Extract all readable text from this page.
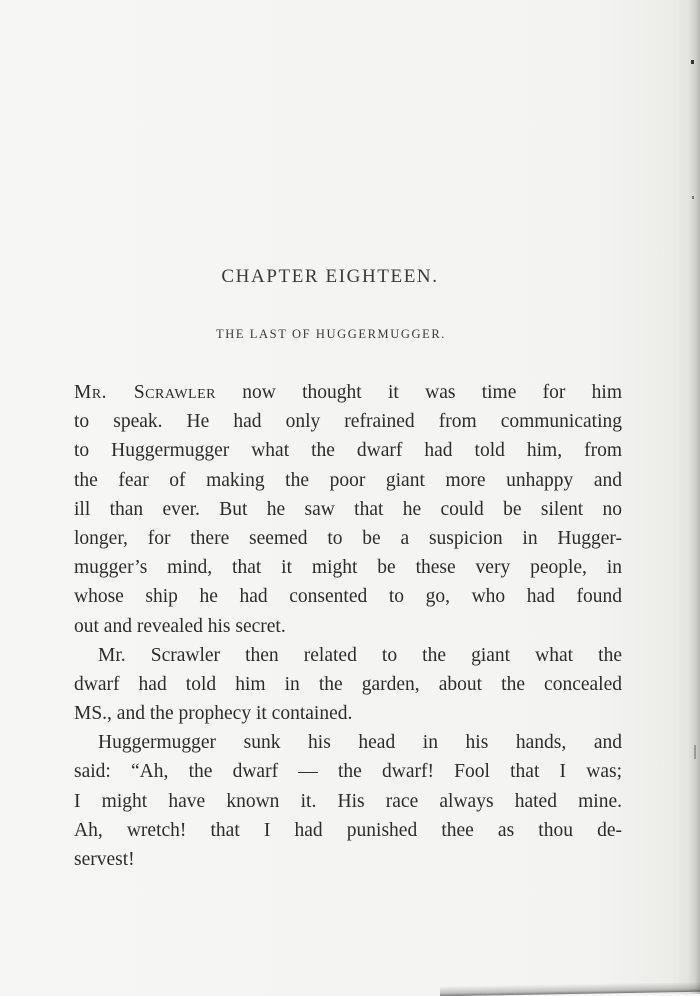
CHAPTER EIGHTEEN.
THE LAST OF HUGGERMUGGER.
Mr. Scrawler now thought it was time for him
to speak. He had only refrained from communicating
to Huggermugger what the dwarf had told him, from
the fear of making the poor giant more unhappy and
ill than ever. But he saw that he could be silent no
longer, for there seemed to be a suspicion in Hugger-
mugger’s mind, that it might be these very people, in
whose ship he had consented to go, who had found
out and revealed his secret.
Mr. Scrawler then related to the giant what the
dwarf had told him in the garden, about the concealed
MS., and the prophecy it contained.
Huggermugger sunk his head in his hands, and
said: “Ah, the dwarf — the dwarf! Fool that I was;
I might have known it. His race always hated mine.
Ah, wretch! that I had punished thee as thou de-
servest!
